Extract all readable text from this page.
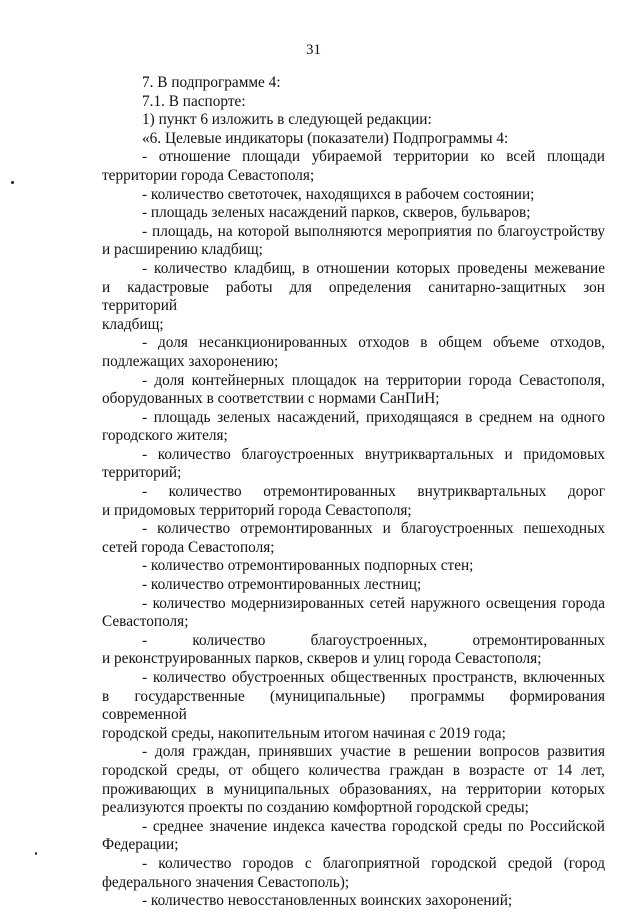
31

7. В подпрограмме 4:

7.1. В паспорте:

1) пункт 6 изложить в следующей редакции:

«6. Целевые индикаторы (показатели) Подпрограммы 4:

- отношение площади убираемой территории ко всей площади

территории города Севастополя;

- количество светоточек, находящихся в рабочем состоянии;

- площадь зеленых насаждений парков, скверов, бульваров;

- площадь, на которой выполняются мероприятия по благоустройству

и расширению кладбищ;

- количество кладбищ, в отношении которых проведены межевание

и кадастровые работы для определения санитарно-защитных зон территорий

кладбищ;

- доля несанкционированных отходов в общем объеме отходов,

подлежащих захоронению;

- доля контейнерных площадок на территории города Севастополя,

оборудованных в соответствии с нормами СанПиН;

- площадь зеленых насаждений, приходящаяся в среднем на одного

городского жителя;

- количество благоустроенных внутриквартальных и придомовых

территорий;

- количество отремонтированных внутриквартальных дорог

и придомовых территорий города Севастополя;

- количество отремонтированных и благоустроенных пешеходных

сетей города Севастополя;

- количество отремонтированных подпорных стен;

- количество отремонтированных лестниц;

- количество модернизированных сетей наружного освещения города

Севастополя;

- количество благоустроенных, отремонтированных

и реконструированных парков, скверов и улиц города Севастополя;

- количество обустроенных общественных пространств, включенных

в государственные (муниципальные) программы формирования современной

городской среды, накопительным итогом начиная с 2019 года;

- доля граждан, принявших участие в решении вопросов развития

городской среды, от общего количества граждан в возрасте от 14 лет,

проживающих в муниципальных образованиях, на территории которых

реализуются проекты по созданию комфортной городской среды;

- среднее значение индекса качества городской среды по Российской

Федерации;

- количество городов с благоприятной городской средой (город

федерального значения Севастополь);

- количество невосстановленных воинских захоронений;
